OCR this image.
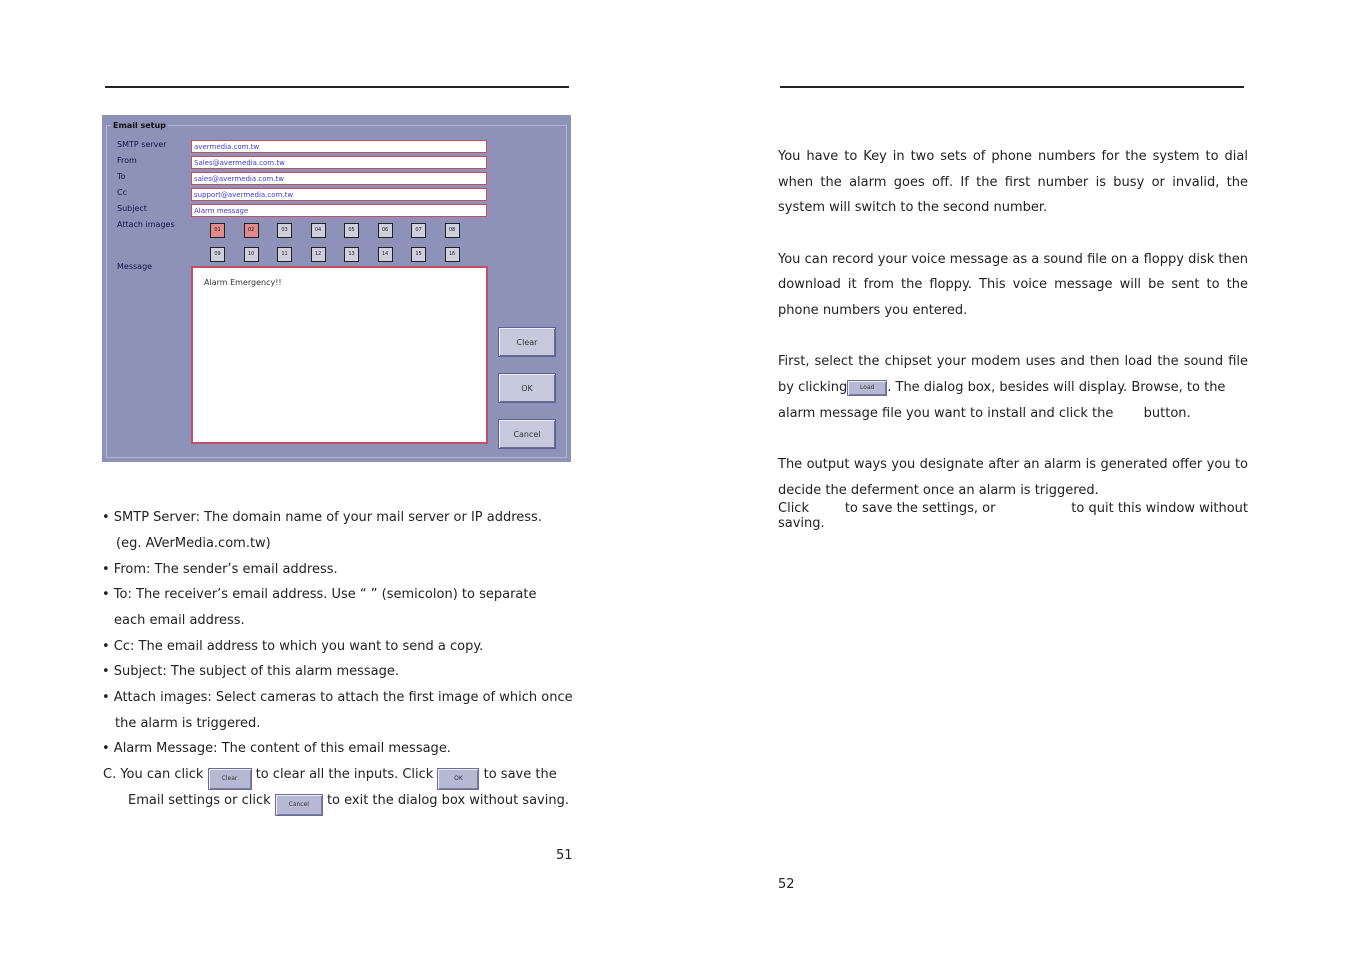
Email setup
SMTP server	avermedia.com.tw
From	Sales@avermedia.com.tw
To	sales@avermedia.com.tw
Cc	support@avermedia.com.tw
Subject	Alarm message
Attach images
01	02	03	04	05	06	07	08
09	10	11	12	13	14	15	16
Message
Alarm Emergency!!
Clear
OK
Cancel
• SMTP Server: The domain name of your mail server or IP address.
(eg. AVerMedia.com.tw)
• From: The sender’s email address.
• To: The receiver’s email address. Use “ ” (semicolon) to separate
each email address.
• Cc: The email address to which you want to send a copy.
• Subject: The subject of this alarm message.
• Attach images: Select cameras to attach the first image of which once
the alarm is triggered.
• Alarm Message: The content of this email message.
C. You can click	Clear to clear all the inputs. Click	OK to save the
Email settings or click	Cancel to exit the dialog box without saving.
51
You have to Key in two sets of phone numbers for the system to dial
when the alarm goes off. If the first number is busy or invalid, the
system will switch to the second number.
You can record your voice message as a sound file on a floppy disk then
download it from the floppy. This voice message will be sent to the
phone numbers you entered.
First, select the chipset your modem uses and then load the sound file
by clicking Load . The dialog box, besides will display. Browse, to the
alarm message file you want to install and click the button.
The output ways you designate after an alarm is generated offer you to
decide the deferment once an alarm is triggered.
Click	to save the settings, or	to quit this window without
saving.
52
